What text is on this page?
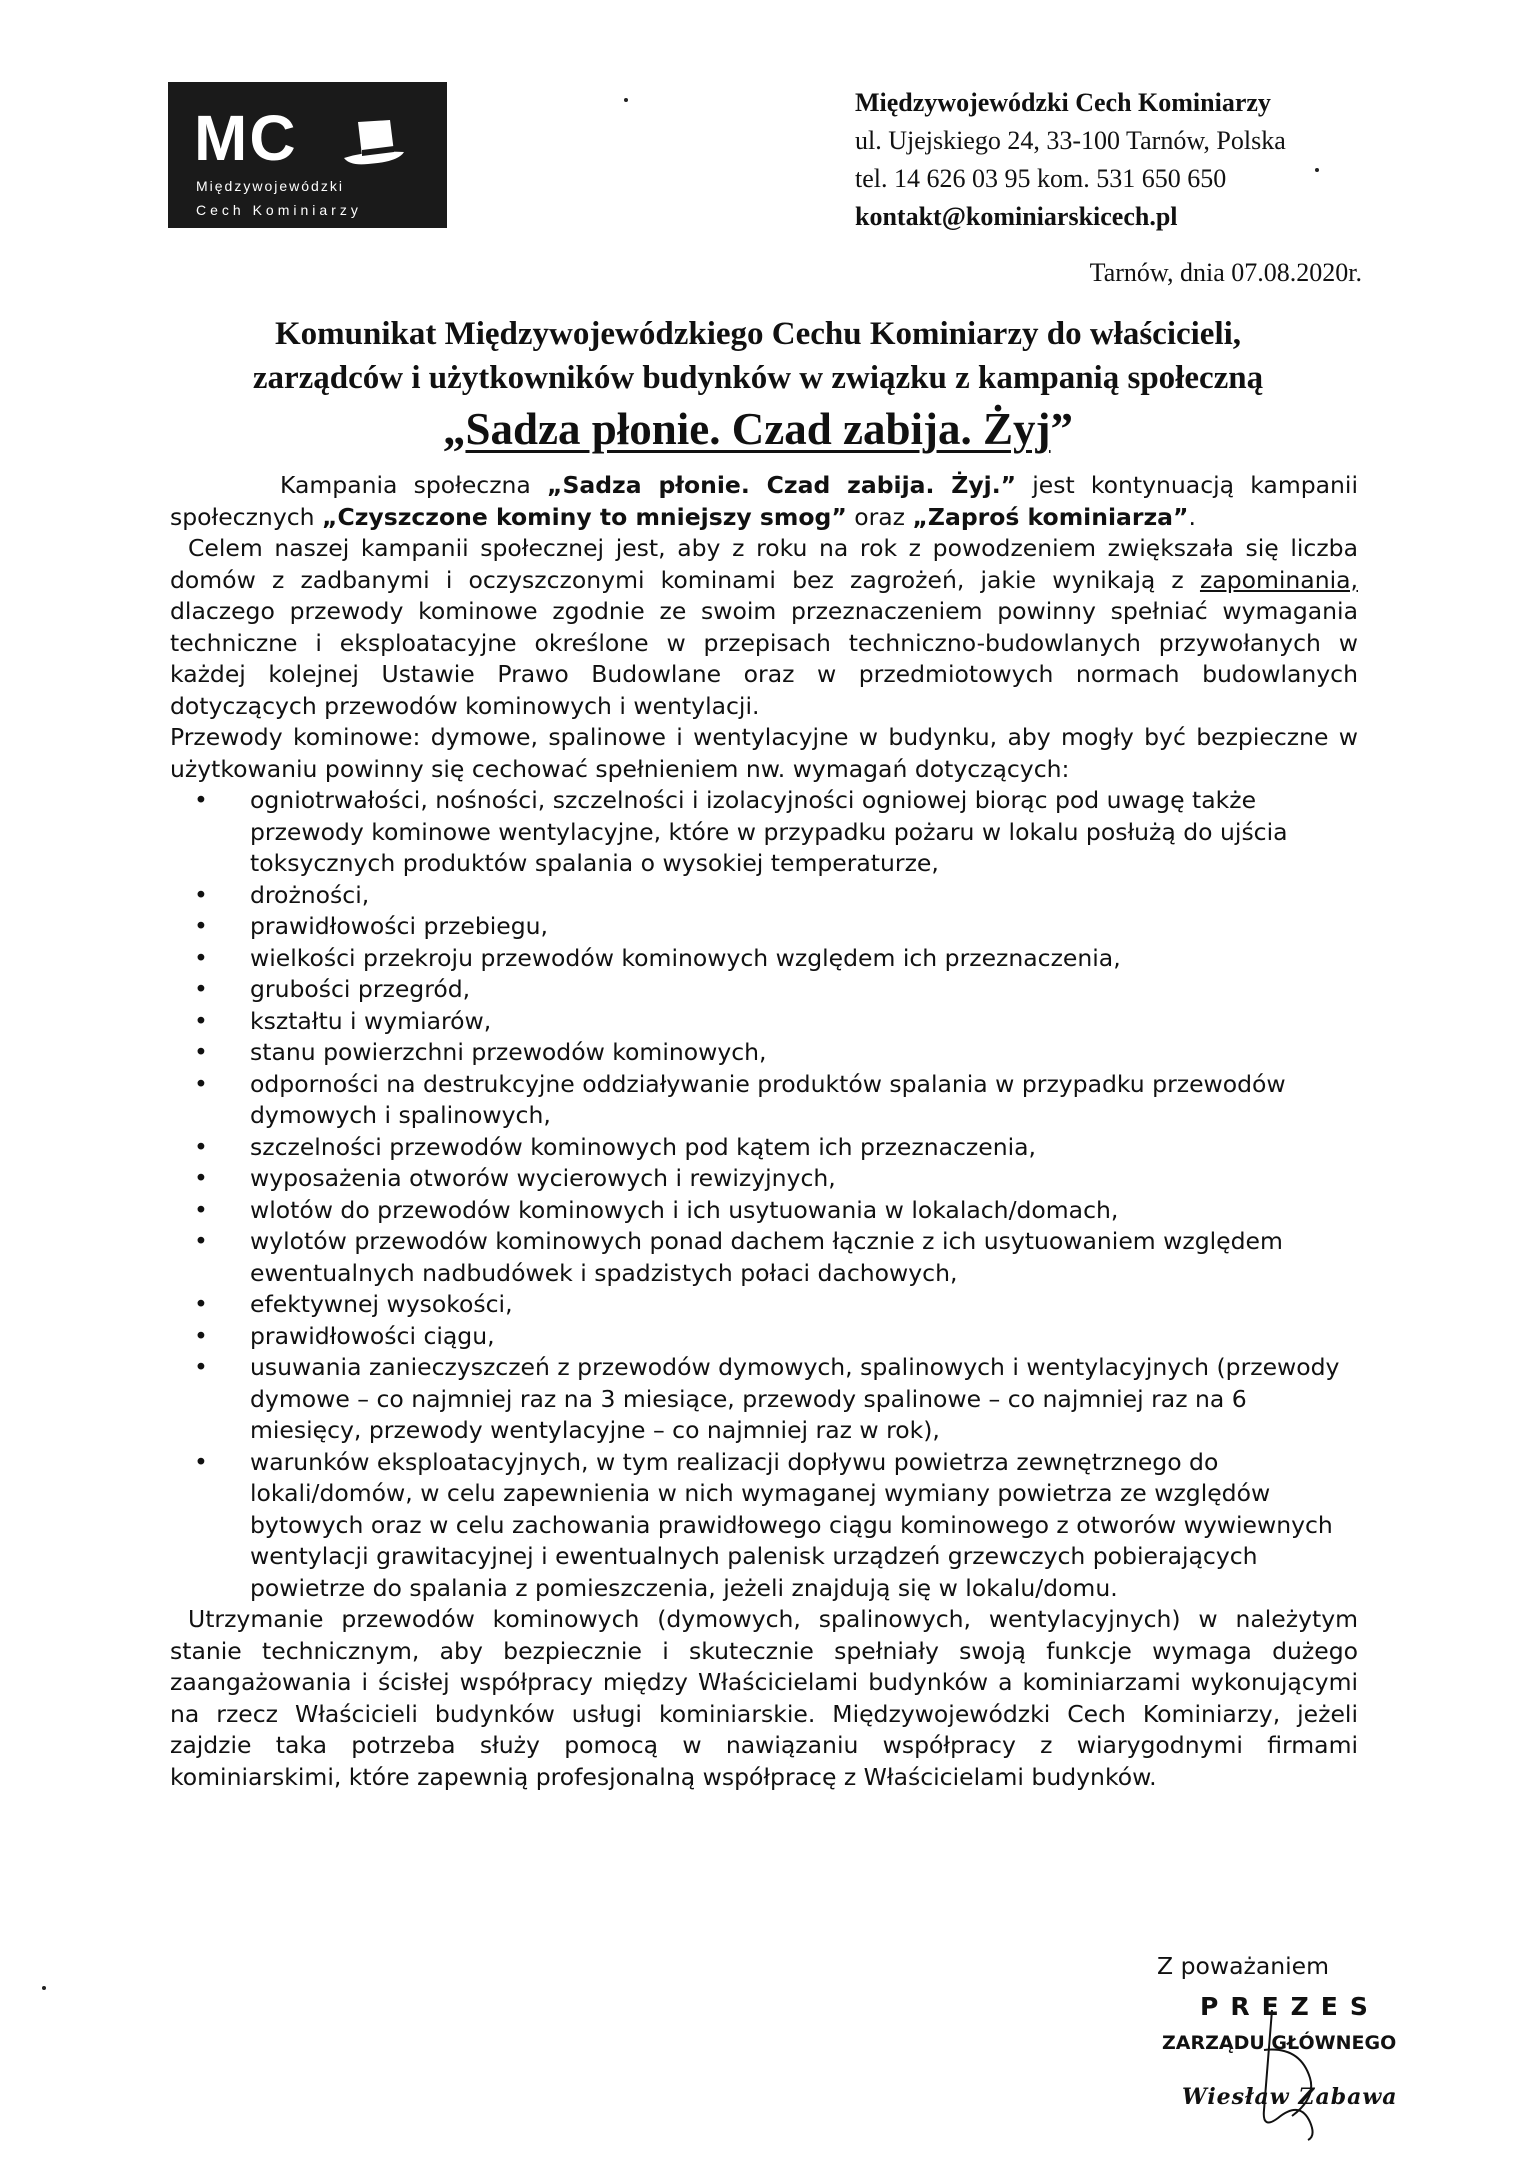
MC
Międzywojewódzki
Cech Kominiarzy
Międzywojewódzki Cech Kominiarzy
ul. Ujejskiego 24, 33-100 Tarnów, Polska
tel. 14 626 03 95 kom. 531 650 650
kontakt@kominiarskicech.pl
Tarnów, dnia 07.08.2020r.
Komunikat Międzywojewódzkiego Cechu Kominiarzy do właścicieli,
zarządców i użytkowników budynków w związku z kampanią społeczną
„Sadza płonie. Czad zabija. Żyj”

Kampania społeczna „Sadza płonie. Czad zabija. Żyj.” jest kontynuacją kampanii społecznych „Czyszczone kominy to mniejszy smog” oraz „Zaproś kominiarza”.

Celem naszej kampanii społecznej jest, aby z roku na rok z powodzeniem zwiększała się liczba domów z zadbanymi i oczyszczonymi kominami bez zagrożeń, jakie wynikają z zapominania, dlaczego przewody kominowe zgodnie ze swoim przeznaczeniem powinny spełniać wymagania techniczne i eksploatacyjne określone w przepisach techniczno-budowlanych przywołanych w każdej kolejnej Ustawie Prawo Budowlane oraz w przedmiotowych normach budowlanych dotyczących przewodów kominowych i wentylacji.

Przewody kominowe: dymowe, spalinowe i wentylacyjne w budynku, aby mogły być bezpieczne w użytkowaniu powinny się cechować spełnieniem nw. wymagań dotyczących:

• ogniotrwałości, nośności, szczelności i izolacyjności ogniowej biorąc pod uwagę także przewody kominowe wentylacyjne, które w przypadku pożaru w lokalu posłużą do ujścia toksycznych produktów spalania o wysokiej temperaturze,
• drożności,
• prawidłowości przebiegu,
• wielkości przekroju przewodów kominowych względem ich przeznaczenia,
• grubości przegród,
• kształtu i wymiarów,
• stanu powierzchni przewodów kominowych,
• odporności na destrukcyjne oddziaływanie produktów spalania w przypadku przewodów dymowych i spalinowych,
• szczelności przewodów kominowych pod kątem ich przeznaczenia,
• wyposażenia otworów wycierowych i rewizyjnych,
• wlotów do przewodów kominowych i ich usytuowania w lokalach/domach,
• wylotów przewodów kominowych ponad dachem łącznie z ich usytuowaniem względem ewentualnych nadbudówek i spadzistych połaci dachowych,
• efektywnej wysokości,
• prawidłowości ciągu,
• usuwania zanieczyszczeń z przewodów dymowych, spalinowych i wentylacyjnych (przewody dymowe – co najmniej raz na 3 miesiące, przewody spalinowe – co najmniej raz na 6 miesięcy, przewody wentylacyjne – co najmniej raz w rok),
• warunków eksploatacyjnych, w tym realizacji dopływu powietrza zewnętrznego do lokali/domów, w celu zapewnienia w nich wymaganej wymiany powietrza ze względów bytowych oraz w celu zachowania prawidłowego ciągu kominowego z otworów wywiewnych wentylacji grawitacyjnej i ewentualnych palenisk urządzeń grzewczych pobierających powietrze do spalania z pomieszczenia, jeżeli znajdują się w lokalu/domu.

Utrzymanie przewodów kominowych (dymowych, spalinowych, wentylacyjnych) w należytym stanie technicznym, aby bezpiecznie i skutecznie spełniały swoją funkcje wymaga dużego zaangażowania i ścisłej współpracy między Właścicielami budynków a kominiarzami wykonującymi na rzecz Właścicieli budynków usługi kominiarskie. Międzywojewódzki Cech Kominiarzy, jeżeli zajdzie taka potrzeba służy pomocą w nawiązaniu współpracy z wiarygodnymi firmami kominiarskimi, które zapewnią profesjonalną współpracę z Właścicielami budynków.

Z poważaniem
PREZES
ZARZĄDU GŁÓWNEGO
Wiesław Zabawa
